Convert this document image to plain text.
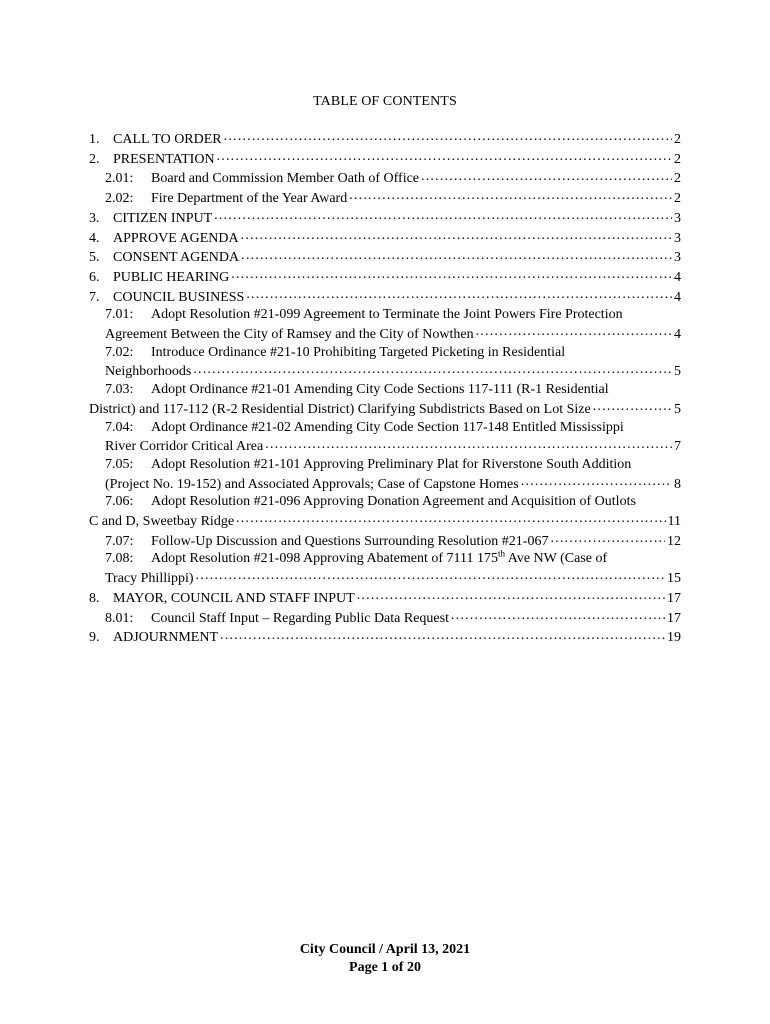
TABLE OF CONTENTS
1. CALL TO ORDER .....	2
2. PRESENTATION .....	2
2.01:	Board and Commission Member Oath of Office .....	2
2.02:	Fire Department of the Year Award .....	2
3. CITIZEN INPUT .....	3
4. APPROVE AGENDA .....	3
5. CONSENT AGENDA .....	3
6. PUBLIC HEARING .....	4
7. COUNCIL BUSINESS .....	4
7.01: Adopt Resolution #21-099 Agreement to Terminate the Joint Powers Fire Protection
Agreement Between the City of Ramsey and the City of Nowthen .....	4
7.02: Introduce Ordinance #21-10 Prohibiting Targeted Picketing in Residential
Neighborhoods .....	5
7.03: Adopt Ordinance #21-01 Amending City Code Sections 117-111 (R-1 Residential
District) and 117-112 (R-2 Residential District) Clarifying Subdistricts Based on Lot Size .....	5
7.04: Adopt Ordinance #21-02 Amending City Code Section 117-148 Entitled Mississippi
River Corridor Critical Area .....	7
7.05: Adopt Resolution #21-101 Approving Preliminary Plat for Riverstone South Addition
(Project No. 19-152) and Associated Approvals; Case of Capstone Homes .....	8
7.06: Adopt Resolution #21-096 Approving Donation Agreement and Acquisition of Outlots
C and D, Sweetbay Ridge .....	11
7.07:	Follow-Up Discussion and Questions Surrounding Resolution #21-067 .....	12
7.08: Adopt Resolution #21-098 Approving Abatement of 7111 175th Ave NW (Case of
Tracy Phillippi) .....	15
8. MAYOR, COUNCIL AND STAFF INPUT .....	17
8.01:	Council Staff Input – Regarding Public Data Request .....	17
9. ADJOURNMENT .....	19
City Council / April 13, 2021
Page 1 of 20
